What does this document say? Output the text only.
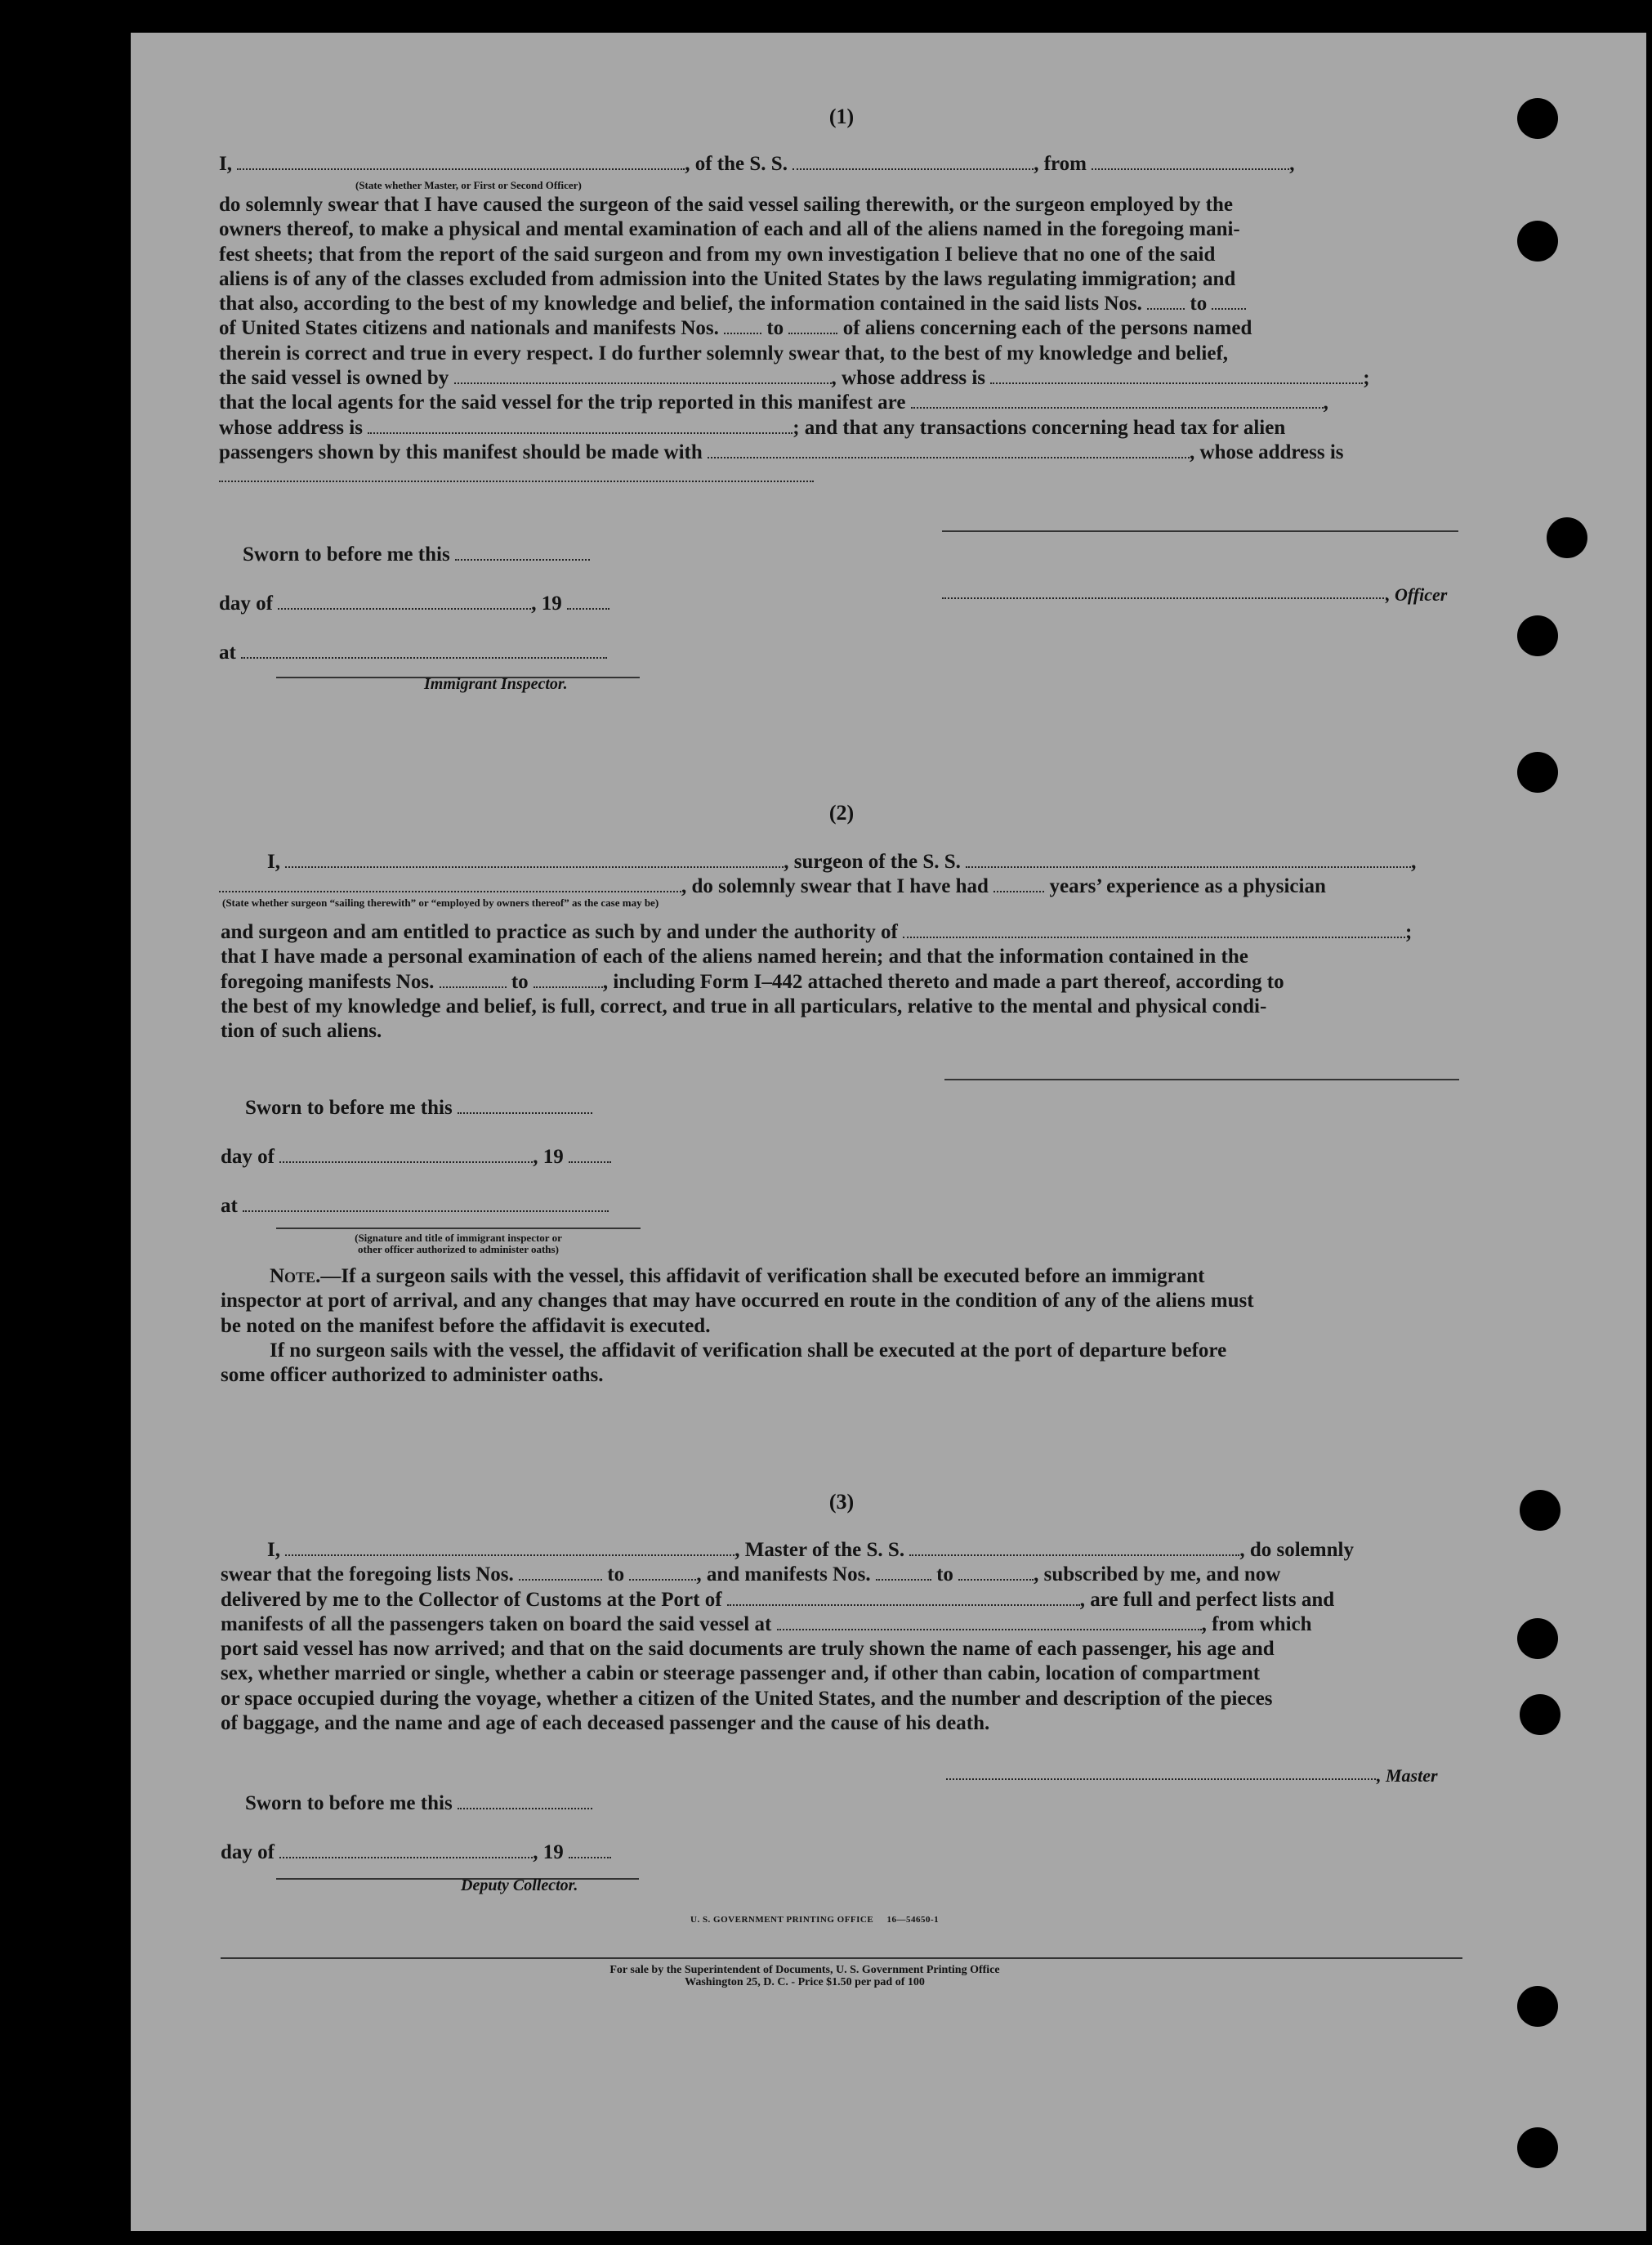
(1)
I,	, of the S. S.	, from	,
(State whether Master, or First or Second Officer)
do solemnly swear that I have caused the surgeon of the said vessel sailing therewith, or the surgeon employed by the
owners thereof, to make a physical and mental examination of each and all of the aliens named in the foregoing mani-
fest sheets; that from the report of the said surgeon and from my own investigation I believe that no one of the said
aliens is of any of the classes excluded from admission into the United States by the laws regulating immigration; and
that also, according to the best of my knowledge and belief, the information contained in the said lists Nos. to
of United States citizens and nationals and manifests Nos. to	of aliens concerning each of the persons named
therein is correct and true in every respect. I do further solemnly swear that, to the best of my knowledge and belief,
the said vessel is owned by	, whose address is	;
that the local agents for the said vessel for the trip reported in this manifest are	,
whose address is	; and that any transactions concerning head tax for alien
passengers shown by this manifest should be made with	, whose address is
Sworn to before me this
day of	, 19	, Officer
at
Immigrant Inspector.
(2)
I,	, surgeon of the S. S.	,
, do solemnly swear that I have had	years’ experience as a physician
(State whether surgeon “sailing therewith” or “employed by owners thereof” as the case may be)
and surgeon and am entitled to practice as such by and under the authority of	;
that I have made a personal examination of each of the aliens named herein; and that the information contained in the
foregoing manifests Nos.	to	, including Form I–442 attached thereto and made a part thereof, according to
the best of my knowledge and belief, is full, correct, and true in all particulars, relative to the mental and physical condi-
tion of such aliens.
Sworn to before me this
day of	, 19
at
(Signature and title of immigrant inspector or
other officer authorized to administer oaths)
Note.—If a surgeon sails with the vessel, this affidavit of verification shall be executed before an immigrant
inspector at port of arrival, and any changes that may have occurred en route in the condition of any of the aliens must
be noted on the manifest before the affidavit is executed.
If no surgeon sails with the vessel, the affidavit of verification shall be executed at the port of departure before
some officer authorized to administer oaths.
(3)
I,	, Master of the S. S.	, do solemnly
swear that the foregoing lists Nos.	to	, and manifests Nos.	to	, subscribed by me, and now
delivered by me to the Collector of Customs at the Port of	, are full and perfect lists and
manifests of all the passengers taken on board the said vessel at	, from which
port said vessel has now arrived; and that on the said documents are truly shown the name of each passenger, his age and
sex, whether married or single, whether a cabin or steerage passenger and, if other than cabin, location of compartment
or space occupied during the voyage, whether a citizen of the United States, and the number and description of the pieces
of baggage, and the name and age of each deceased passenger and the cause of his death.
Sworn to before me this
, Master
day of	, 19
Deputy Collector.
U. S. GOVERNMENT PRINTING OFFICE     16—54650-1
For sale by the Superintendent of Documents, U. S. Government Printing Office
Washington 25, D. C. - Price $1.50 per pad of 100
